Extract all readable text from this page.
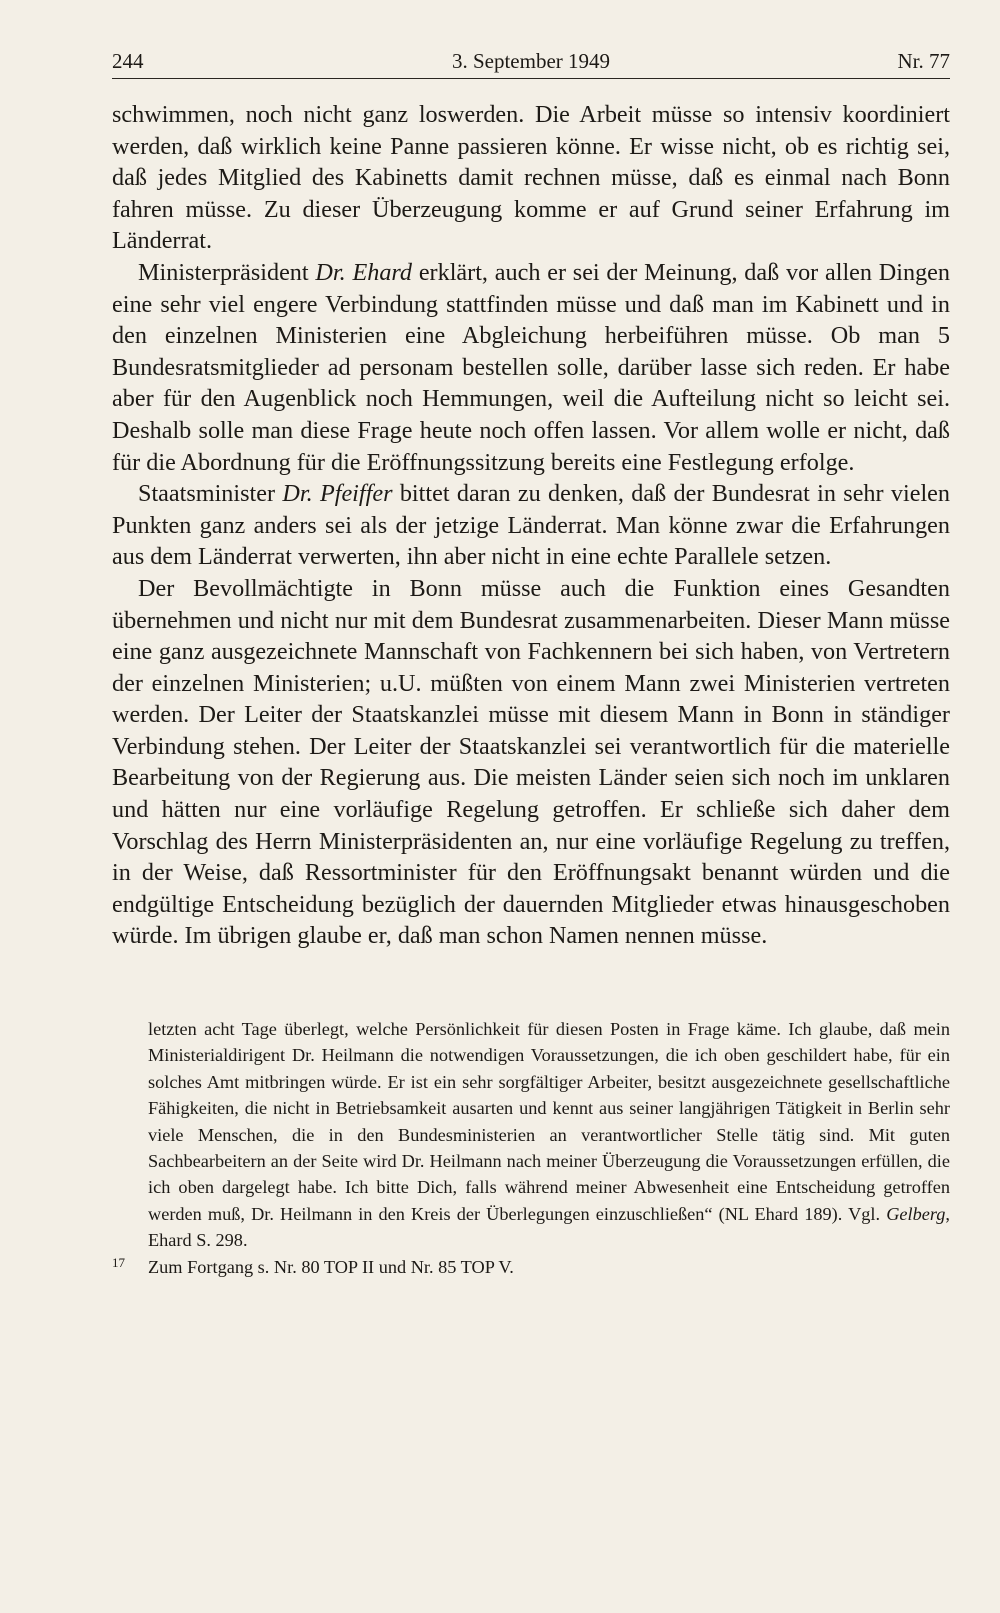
244	3. September 1949	Nr. 77

schwimmen, noch nicht ganz loswerden. Die Arbeit müsse so intensiv koordiniert werden, daß wirklich keine Panne passieren könne. Er wisse nicht, ob es richtig sei, daß jedes Mitglied des Kabinetts damit rechnen müsse, daß es einmal nach Bonn fahren müsse. Zu dieser Überzeugung komme er auf Grund seiner Erfahrung im Länderrat.

Ministerpräsident Dr. Ehard erklärt, auch er sei der Meinung, daß vor allen Dingen eine sehr viel engere Verbindung stattfinden müsse und daß man im Kabinett und in den einzelnen Ministerien eine Abgleichung herbeiführen müsse. Ob man 5 Bundesratsmitglieder ad personam bestellen solle, darüber lasse sich reden. Er habe aber für den Augenblick noch Hemmungen, weil die Aufteilung nicht so leicht sei. Deshalb solle man diese Frage heute noch offen lassen. Vor allem wolle er nicht, daß für die Abordnung für die Eröffnungssitzung bereits eine Festlegung erfolge.

Staatsminister Dr. Pfeiffer bittet daran zu denken, daß der Bundesrat in sehr vielen Punkten ganz anders sei als der jetzige Länderrat. Man könne zwar die Erfahrungen aus dem Länderrat verwerten, ihn aber nicht in eine echte Parallele setzen.

Der Bevollmächtigte in Bonn müsse auch die Funktion eines Gesandten übernehmen und nicht nur mit dem Bundesrat zusammenarbeiten. Dieser Mann müsse eine ganz ausgezeichnete Mannschaft von Fachkennern bei sich haben, von Vertretern der einzelnen Ministerien; u.U. müßten von einem Mann zwei Ministerien vertreten werden. Der Leiter der Staatskanzlei müsse mit diesem Mann in Bonn in ständiger Verbindung stehen. Der Leiter der Staatskanzlei sei verantwortlich für die materielle Bearbeitung von der Regierung aus. Die meisten Länder seien sich noch im unklaren und hätten nur eine vorläufige Regelung getroffen. Er schließe sich daher dem Vorschlag des Herrn Ministerpräsidenten an, nur eine vorläufige Regelung zu treffen, in der Weise, daß Ressortminister für den Eröffnungsakt benannt würden und die endgültige Entscheidung bezüglich der dauernden Mitglieder etwas hinausgeschoben würde. Im übrigen glaube er, daß man schon Namen nennen müsse.

letzten acht Tage überlegt, welche Persönlichkeit für diesen Posten in Frage käme. Ich glaube, daß mein Ministerialdirigent Dr. Heilmann die notwendigen Voraussetzungen, die ich oben geschildert habe, für ein solches Amt mitbringen würde. Er ist ein sehr sorgfältiger Arbeiter, besitzt ausgezeichnete gesellschaftliche Fähigkeiten, die nicht in Betriebsamkeit ausarten und kennt aus seiner langjährigen Tätigkeit in Berlin sehr viele Menschen, die in den Bundesministerien an verantwortlicher Stelle tätig sind. Mit guten Sachbearbeitern an der Seite wird Dr. Heilmann nach meiner Überzeugung die Voraussetzungen erfüllen, die ich oben dargelegt habe. Ich bitte Dich, falls während meiner Abwesenheit eine Entscheidung getroffen werden muß, Dr. Heilmann in den Kreis der Überlegungen einzuschließen“ (NL Ehard 189). Vgl. Gelberg, Ehard S. 298.

17 Zum Fortgang s. Nr. 80 TOP II und Nr. 85 TOP V.
